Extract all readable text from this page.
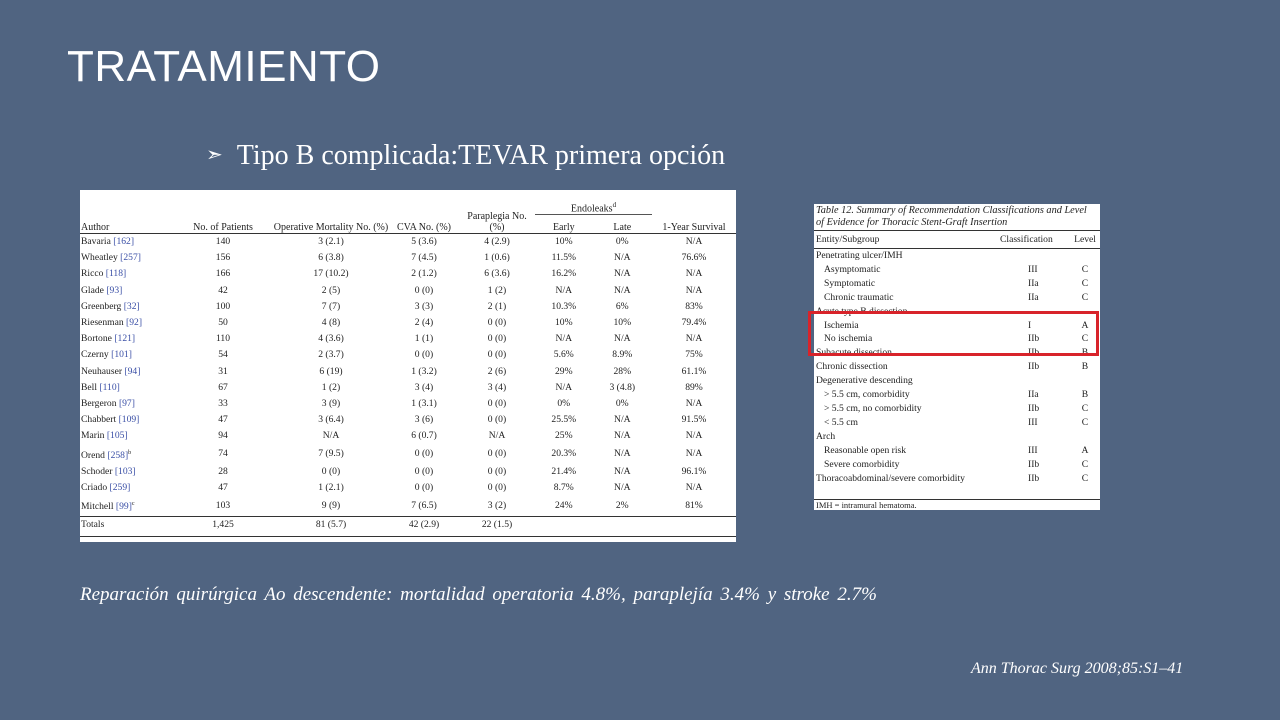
TRATAMIENTO
➣ Tipo B complicada:TEVAR primera opción
Author	No. of Patients	Operative Mortality No. (%)	CVA No. (%)	Paraplegia No. (%)	Endoleaks$^d$		1-Year Survival
					Early	Late	
Bavaria [162]	140	3 (2.1)	5 (3.6)	4 (2.9)	10%	0%	N/A
Wheatley [257]	156	6 (3.8)	7 (4.5)	1 (0.6)	11.5%	N/A	76.6%
Ricco [118]	166	17 (10.2)	2 (1.2)	6 (3.6)	16.2%	N/A	N/A
Glade [93]	42	2 (5)	0 (0)	1 (2)	N/A	N/A	N/A
Greenberg [32]	100	7 (7)	3 (3)	2 (1)	10.3%	6%	83%
Riesenman [92]	50	4 (8)	2 (4)	0 (0)	10%	10%	79.4%
Bortone [121]	110	4 (3.6)	1 (1)	0 (0)	N/A	N/A	N/A
Czerny [101]	54	2 (3.7)	0 (0)	0 (0)	5.6%	8.9%	75%
Neuhauser [94]	31	6 (19)	1 (3.2)	2 (6)	29%	28%	61.1%
Bell [110]	67	1 (2)	3 (4)	3 (4)	N/A	3 (4.8)	89%
Bergeron [97]	33	3 (9)	1 (3.1)	0 (0)	0%	0%	N/A
Chabbert [109]	47	3 (6.4)	3 (6)	0 (0)	25.5%	N/A	91.5%
Marin [105]	94	N/A	6 (0.7)	N/A	25%	N/A	N/A
Orend $[258]^b$	74	7 (9.5)	0 (0)	0 (0)	20.3%	N/A	N/A
Schoder [103]	28	0 (0)	0 (0)	0 (0)	21.4%	N/A	96.1%
Criado [259]	47	1 (2.1)	0 (0)	0 (0)	8.7%	N/A	N/A
Mitchell $[99]^c$	103	9 (9)	7 (6.5)	3 (2)	24%	2%	81%
Totals	1,425	81 (5.7)	42 (2.9)	22 (1.5)			
Table 12. Summary of Recommendation Classifications and Level of Evidence for Thoracic Stent-Graft Insertion
Entity/Subgroup	Classification	Level
Penetrating ulcer/IMH		
Asymptomatic	III	C
Symptomatic	IIa	C
Chronic traumatic	IIa	C
Acute type B dissection		
Ischemia	I	A
No ischemia	IIb	C
Subacute dissection	IIb	B
Chronic dissection	IIb	B
Degenerative descending		
> 5.5 cm, comorbidity	IIa	B
> 5.5 cm, no comorbidity	IIb	C
< 5.5 cm	III	C
Arch		
Reasonable open risk	III	A
Severe comorbidity	IIb	C
Thoracoabdominal/severe comorbidity	IIb	C
IMH = intramural hematoma.
Reparación quirúrgica Ao descendente: mortalidad operatoria 4.8%, paraplejía 3.4% y stroke 2.7%
Ann Thorac Surg 2008;85:S1–41
